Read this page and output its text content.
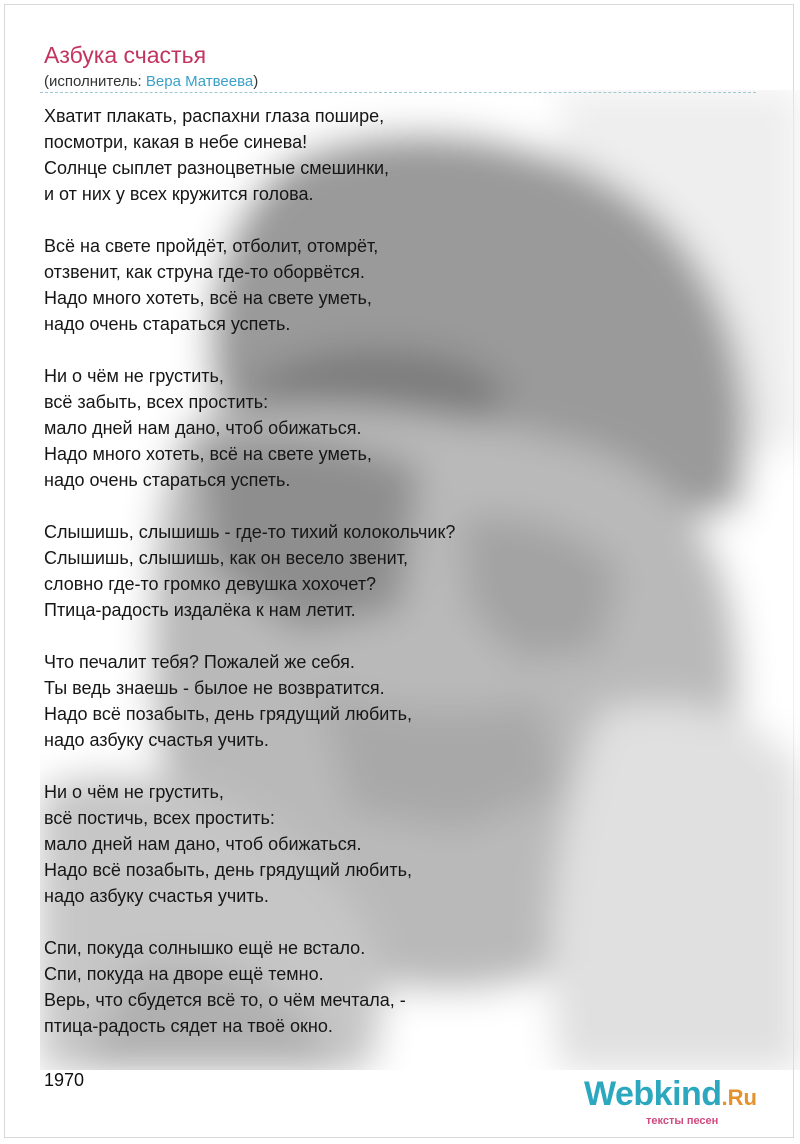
Азбука счастья
(исполнитель: Вера Матвеева)
Хватит плакать, распахни глаза пошире,
посмотри, какая в небе синева!
Солнце сыплет разноцветные смешинки,
и от них у всех кружится голова.
Всё на свете пройдёт, отболит, отомрёт,
отзвенит, как струна где-то оборвётся.
Надо много хотеть, всё на свете уметь,
надо очень стараться успеть.
Ни о чём не грустить,
всё забыть, всех простить:
мало дней нам дано, чтоб обижаться.
Надо много хотеть, всё на свете уметь,
надо очень стараться успеть.
Слышишь, слышишь - где-то тихий колокольчик?
Слышишь, слышишь, как он весело звенит,
словно где-то громко девушка хохочет?
Птица-радость издалёка к нам летит.
Что печалит тебя? Пожалей же себя.
Ты ведь знаешь - былое не возвратится.
Надо всё позабыть, день грядущий любить,
надо азбуку счастья учить.
Ни о чём не грустить,
всё постичь, всех простить:
мало дней нам дано, чтоб обижаться.
Надо всё позабыть, день грядущий любить,
надо азбуку счастья учить.
Спи, покуда солнышко ещё не встало.
Спи, покуда на дворе ещё темно.
Верь, что сбудется всё то, о чём мечтала, -
птица-радость сядет на твоё окно.
1970	Webkind.Ru
тексты песен
